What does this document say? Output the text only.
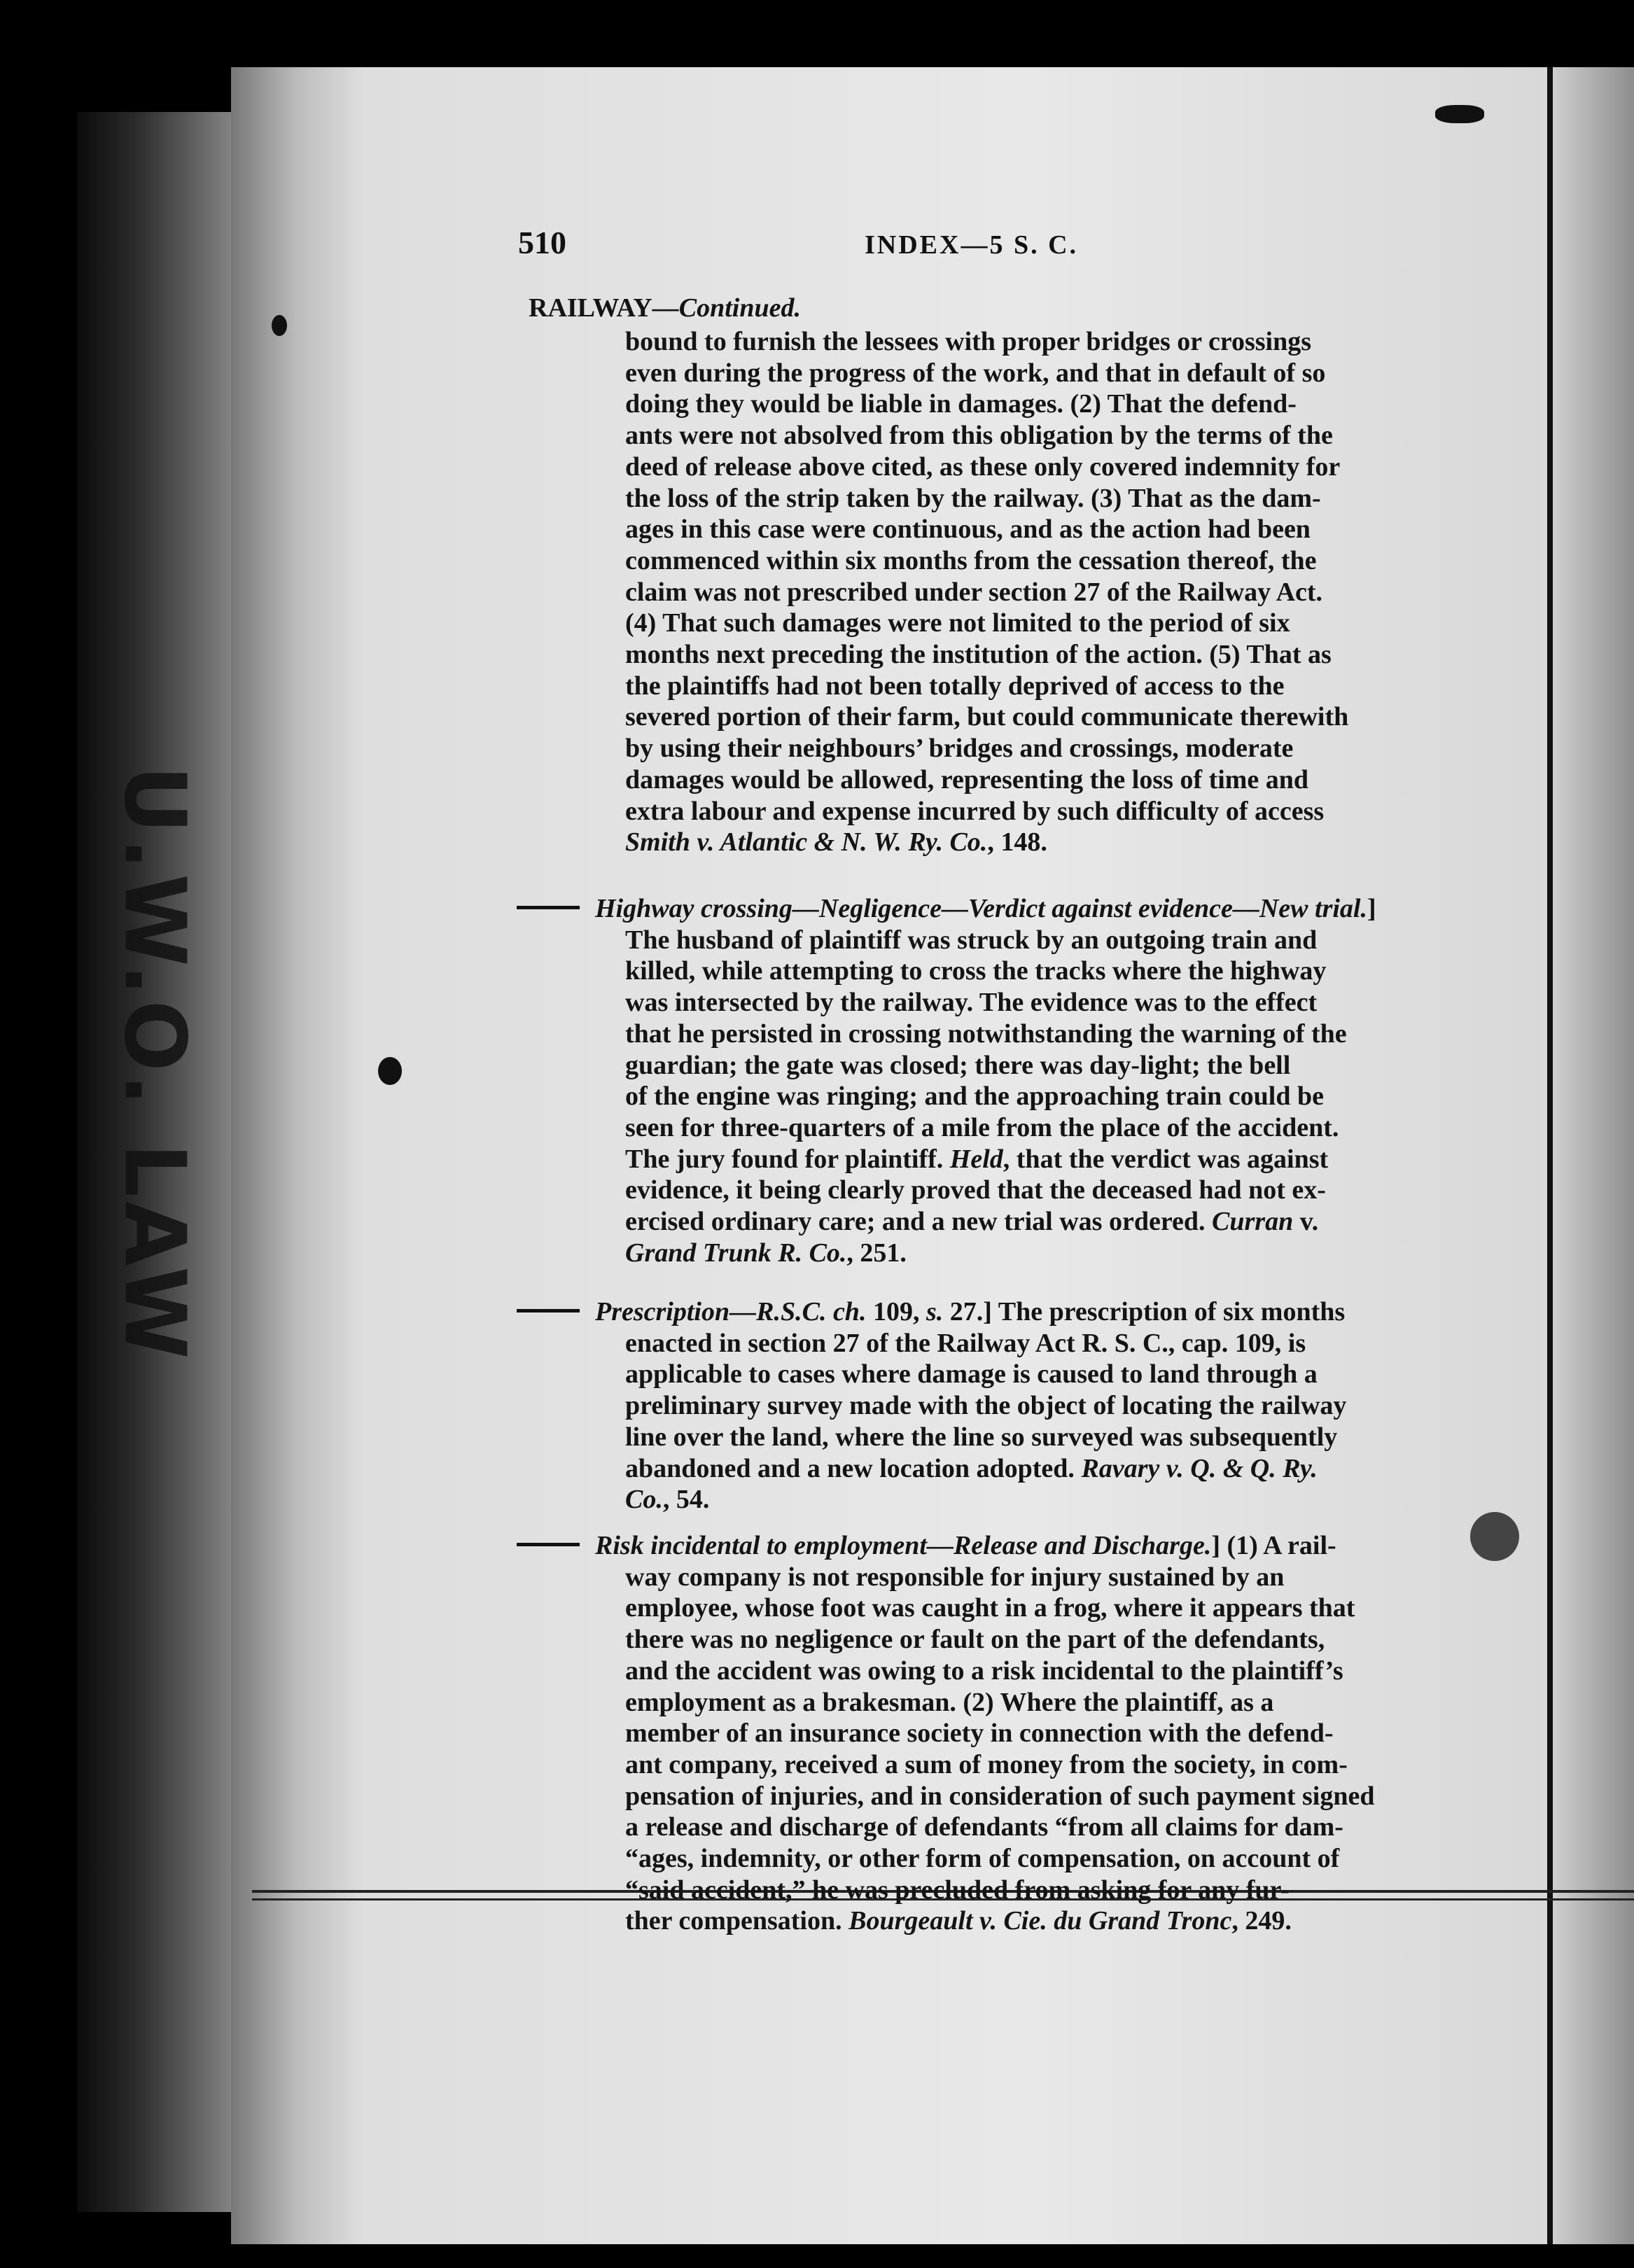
U.W.O. LAW
510	INDEX—5 S. C.
RAILWAY—Continued.
bound to furnish the lessees with proper bridges or crossings
even during the progress of the work, and that in default of so
doing they would be liable in damages. (2) That the defend-
ants were not absolved from this obligation by the terms of the
deed of release above cited, as these only covered indemnity for
the loss of the strip taken by the railway. (3) That as the dam-
ages in this case were continuous, and as the action had been
commenced within six months from the cessation thereof, the
claim was not prescribed under section 27 of the Railway Act.
(4) That such damages were not limited to the period of six
months next preceding the institution of the action. (5) That as
the plaintiffs had not been totally deprived of access to the
severed portion of their farm, but could communicate therewith
by using their neighbours’ bridges and crossings, moderate
damages would be allowed, representing the loss of time and
extra labour and expense incurred by such difficulty of access
Smith v. Atlantic & N. W. Ry. Co., 148.
Highway crossing—Negligence—Verdict against evidence—New trial.]
The husband of plaintiff was struck by an outgoing train and
killed, while attempting to cross the tracks where the highway
was intersected by the railway. The evidence was to the effect
that he persisted in crossing notwithstanding the warning of the
guardian; the gate was closed; there was day-light; the bell
of the engine was ringing; and the approaching train could be
seen for three-quarters of a mile from the place of the accident.
The jury found for plaintiff. Held, that the verdict was against
evidence, it being clearly proved that the deceased had not ex-
ercised ordinary care; and a new trial was ordered. Curran v.
Grand Trunk R. Co., 251.
Prescription—R.S.C. ch. 109, s. 27.] The prescription of six months
enacted in section 27 of the Railway Act R. S. C., cap. 109, is
applicable to cases where damage is caused to land through a
preliminary survey made with the object of locating the railway
line over the land, where the line so surveyed was subsequently
abandoned and a new location adopted. Ravary v. Q. & Q. Ry.
Co., 54.
Risk incidental to employment—Release and Discharge.] (1) A rail-
way company is not responsible for injury sustained by an
employee, whose foot was caught in a frog, where it appears that
there was no negligence or fault on the part of the defendants,
and the accident was owing to a risk incidental to the plaintiff’s
employment as a brakesman. (2) Where the plaintiff, as a
member of an insurance society in connection with the defend-
ant company, received a sum of money from the society, in com-
pensation of injuries, and in consideration of such payment signed
a release and discharge of defendants “from all claims for dam-
“ages, indemnity, or other form of compensation, on account of
“said accident,” he was precluded from asking for any fur-
ther compensation. Bourgeault v. Cie. du Grand Tronc, 249.
